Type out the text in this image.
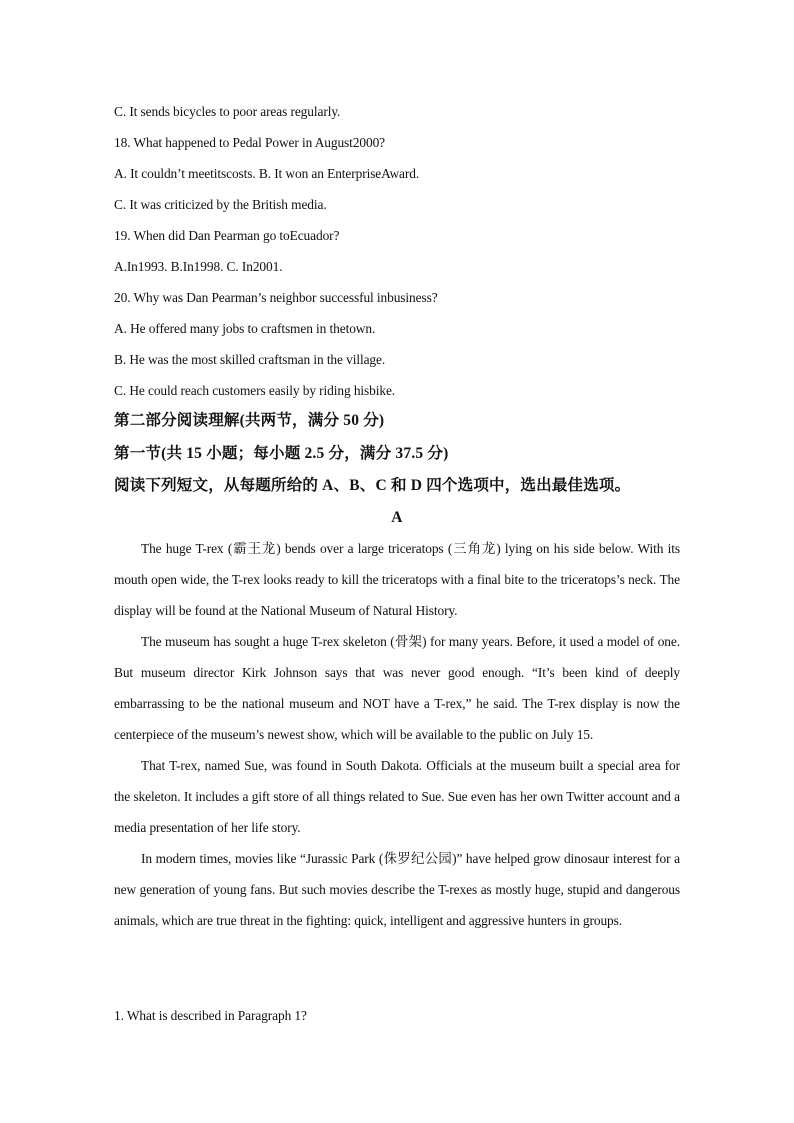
C. It sends bicycles to poor areas regularly.
18. What happened to Pedal Power in August2000?
A. It couldn’t meetitscosts. B. It won an EnterpriseAward.
C. It was criticized by the British media.
19. When did Dan Pearman go toEcuador?
A.In1993. B.In1998. C. In2001.
20. Why was Dan Pearman’s neighbor successful inbusiness?
A. He offered many jobs to craftsmen in thetown.
B. He was the most skilled craftsman in the village.
C. He could reach customers easily by riding hisbike.
第二部分阅读理解(共两节，满分 50 分)
第一节(共 15 小题；每小题 2.5 分，满分 37.5 分)
阅读下列短文，从每题所给的 A、B、C 和 D 四个选项中，选出最佳选项。
A

The huge T-rex (霸王龙) bends over a large triceratops (三角龙) lying on his side below. With its mouth open wide, the T-rex looks ready to kill the triceratops with a final bite to the triceratops’s neck. The display will be found at the National Museum of Natural History.

The museum has sought a huge T-rex skeleton (骨架) for many years. Before, it used a model of one. But museum director Kirk Johnson says that was never good enough. “It’s been kind of deeply embarrassing to be the national museum and NOT have a T-rex,” he said. The T-rex display is now the centerpiece of the museum’s newest show, which will be available to the public on July 15.

That T-rex, named Sue, was found in South Dakota. Officials at the museum built a special area for the skeleton. It includes a gift store of all things related to Sue. Sue even has her own Twitter account and a media presentation of her life story.

In modern times, movies like “Jurassic Park (侏罗纪公园)” have helped grow dinosaur interest for a new generation of young fans. But such movies describe the T-rexes as mostly huge, stupid and dangerous animals, which are true threat in the fighting: quick, intelligent and aggressive hunters in groups.

1. What is described in Paragraph 1?
